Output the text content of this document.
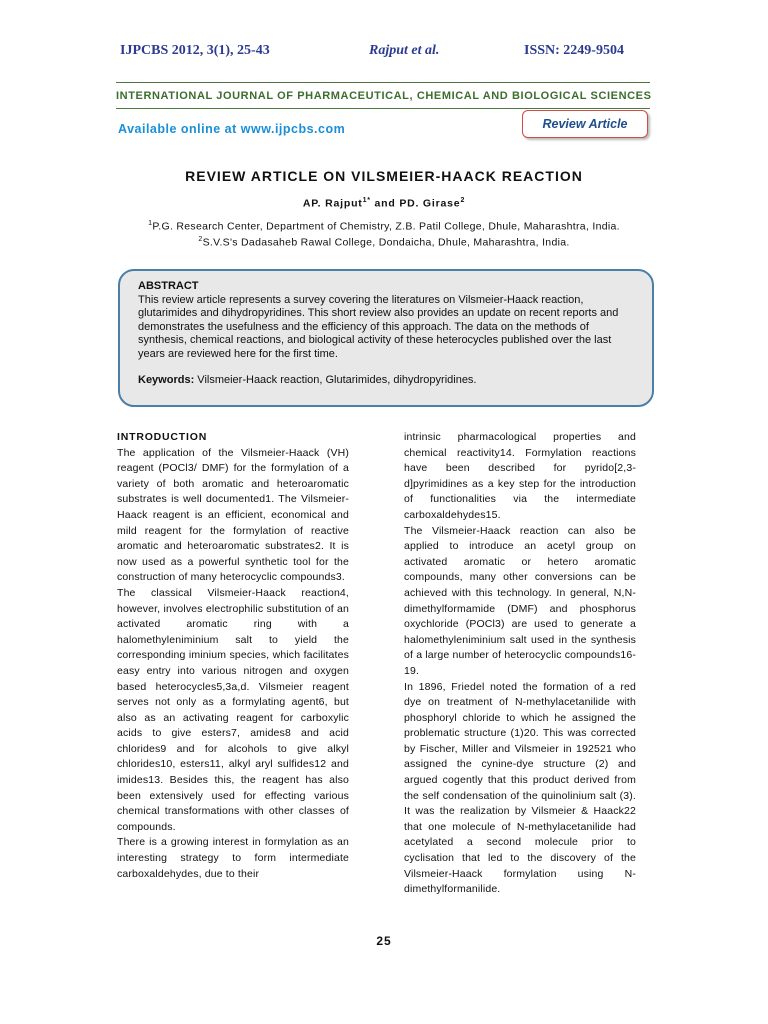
IJPCBS 2012, 3(1), 25-43	Rajput et al.	ISSN: 2249-9504
INTERNATIONAL JOURNAL OF PHARMACEUTICAL, CHEMICAL AND BIOLOGICAL SCIENCES
Available online at www.ijpcbs.com	Review Article
REVIEW ARTICLE ON VILSMEIER-HAACK REACTION
AP. Rajput$^{1*}$ and PD. Girase$^2$
$^1$P.G. Research Center, Department of Chemistry, Z.B. Patil College, Dhule, Maharashtra, India.
$^2$S.V.S's Dadasaheb Rawal College, Dondaicha, Dhule, Maharashtra, India.
ABSTRACT
This review article represents a survey covering the literatures on Vilsmeier-Haack reaction, glutarimides and dihydropyridines. This short review also provides an update on recent reports and demonstrates the usefulness and the efficiency of this approach. The data on the methods of synthesis, chemical reactions, and biological activity of these heterocycles published over the last years are reviewed here for the first time.
Keywords: Vilsmeier-Haack reaction, Glutarimides, dihydropyridines.
INTRODUCTION

The application of the Vilsmeier-Haack (VH) reagent (POCl3/ DMF) for the formylation of a variety of both aromatic and heteroaromatic substrates is well documented1. The Vilsmeier-Haack reagent is an efficient, economical and mild reagent for the formylation of reactive aromatic and heteroaromatic substrates2. It is now used as a powerful synthetic tool for the construction of many heterocyclic compounds3.

The classical Vilsmeier-Haack reaction4, however, involves electrophilic substitution of an activated aromatic ring with a halomethyleniminium salt to yield the corresponding iminium species, which facilitates easy entry into various nitrogen and oxygen based heterocycles5,3a,d. Vilsmeier reagent serves not only as a formylating agent6, but also as an activating reagent for carboxylic acids to give esters7, amides8 and acid chlorides9 and for alcohols to give alkyl chlorides10, esters11, alkyl aryl sulfides12 and imides13. Besides this, the reagent has also been extensively used for effecting various chemical transformations with other classes of compounds.

There is a growing interest in formylation as an interesting strategy to form intermediate carboxaldehydes, due to their

intrinsic pharmacological properties and chemical reactivity14. Formylation reactions have been described for pyrido[2,3-d]pyrimidines as a key step for the introduction of functionalities via the intermediate carboxaldehydes15.

The Vilsmeier-Haack reaction can also be applied to introduce an acetyl group on activated aromatic or hetero aromatic compounds, many other conversions can be achieved with this technology. In general, N,N-dimethylformamide (DMF) and phosphorus oxychloride (POCl3) are used to generate a halomethyleniminium salt used in the synthesis of a large number of heterocyclic compounds16-19.

In 1896, Friedel noted the formation of a red dye on treatment of N-methylacetanilide with phosphoryl chloride to which he assigned the problematic structure (1)20. This was corrected by Fischer, Miller and Vilsmeier in 192521 who assigned the cynine-dye structure (2) and argued cogently that this product derived from the self condensation of the quinolinium salt (3). It was the realization by Vilsmeier & Haack22 that one molecule of N-methylacetanilide had acetylated a second molecule prior to cyclisation that led to the discovery of the Vilsmeier-Haack formylation using N-dimethylformanilide.

25
